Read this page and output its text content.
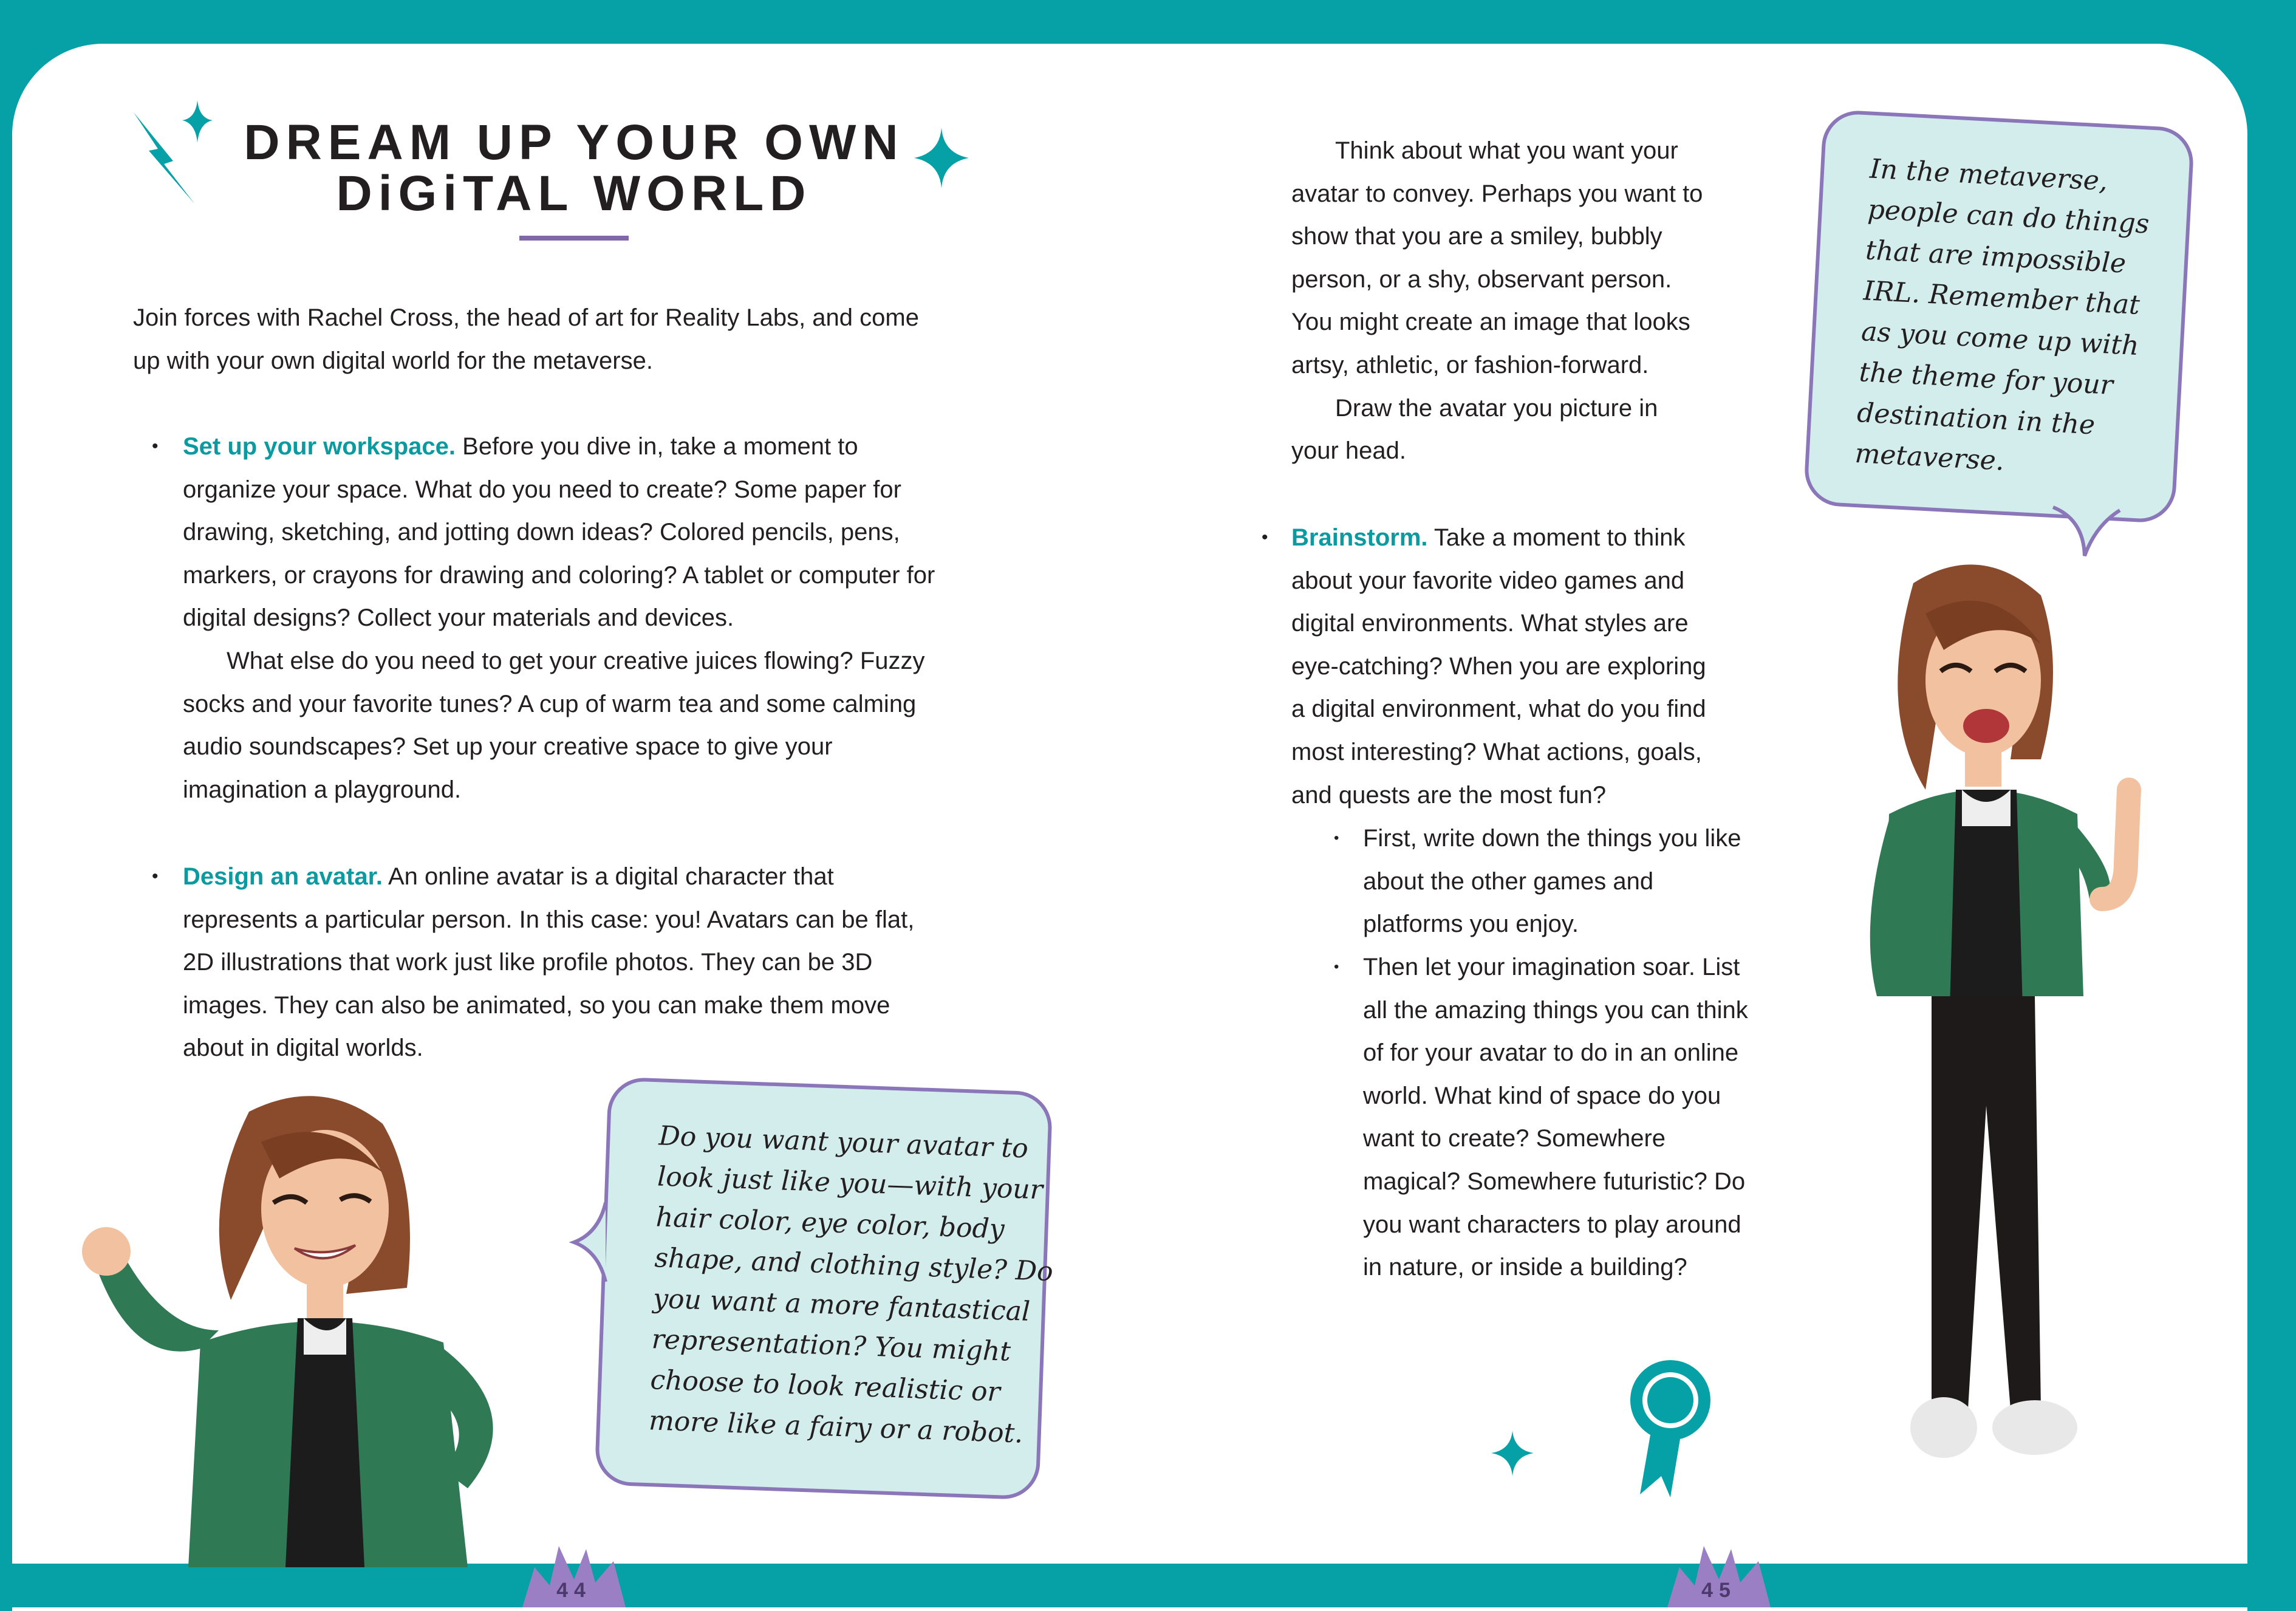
DREAM UP YOUR OWN
DiGiTAL WORLD
Join forces with Rachel Cross, the head of art for Reality Labs, and come
up with your own digital world for the metaverse.
• Set up your workspace. Before you dive in, take a moment to
organize your space. What do you need to create? Some paper for
drawing, sketching, and jotting down ideas? Colored pencils, pens,
markers, or crayons for drawing and coloring? A tablet or computer for
digital designs? Collect your materials and devices.
What else do you need to get your creative juices flowing? Fuzzy
socks and your favorite tunes? A cup of warm tea and some calming
audio soundscapes? Set up your creative space to give your
imagination a playground.
• Design an avatar. An online avatar is a digital character that
represents a particular person. In this case: you! Avatars can be flat,
2D illustrations that work just like profile photos. They can be 3D
images. They can also be animated, so you can make them move
about in digital worlds.
Do you want your avatar to
look just like you—with your
hair color, eye color, body
shape, and clothing style? Do
you want a more fantastical
representation? You might
choose to look realistic or
more like a fairy or a robot.
Think about what you want your
avatar to convey. Perhaps you want to
show that you are a smiley, bubbly
person, or a shy, observant person.
You might create an image that looks
artsy, athletic, or fashion-forward.
Draw the avatar you picture in
your head.
• Brainstorm. Take a moment to think
about your favorite video games and
digital environments. What styles are
eye-catching? When you are exploring
a digital environment, what do you find
most interesting? What actions, goals,
and quests are the most fun?
• First, write down the things you like
about the other games and
platforms you enjoy.
• Then let your imagination soar. List
all the amazing things you can think
of for your avatar to do in an online
world. What kind of space do you
want to create? Somewhere
magical? Somewhere futuristic? Do
you want characters to play around
in nature, or inside a building?
In the metaverse,
people can do things
that are impossible
IRL. Remember that
as you come up with
the theme for your
destination in the
metaverse.
44	45
